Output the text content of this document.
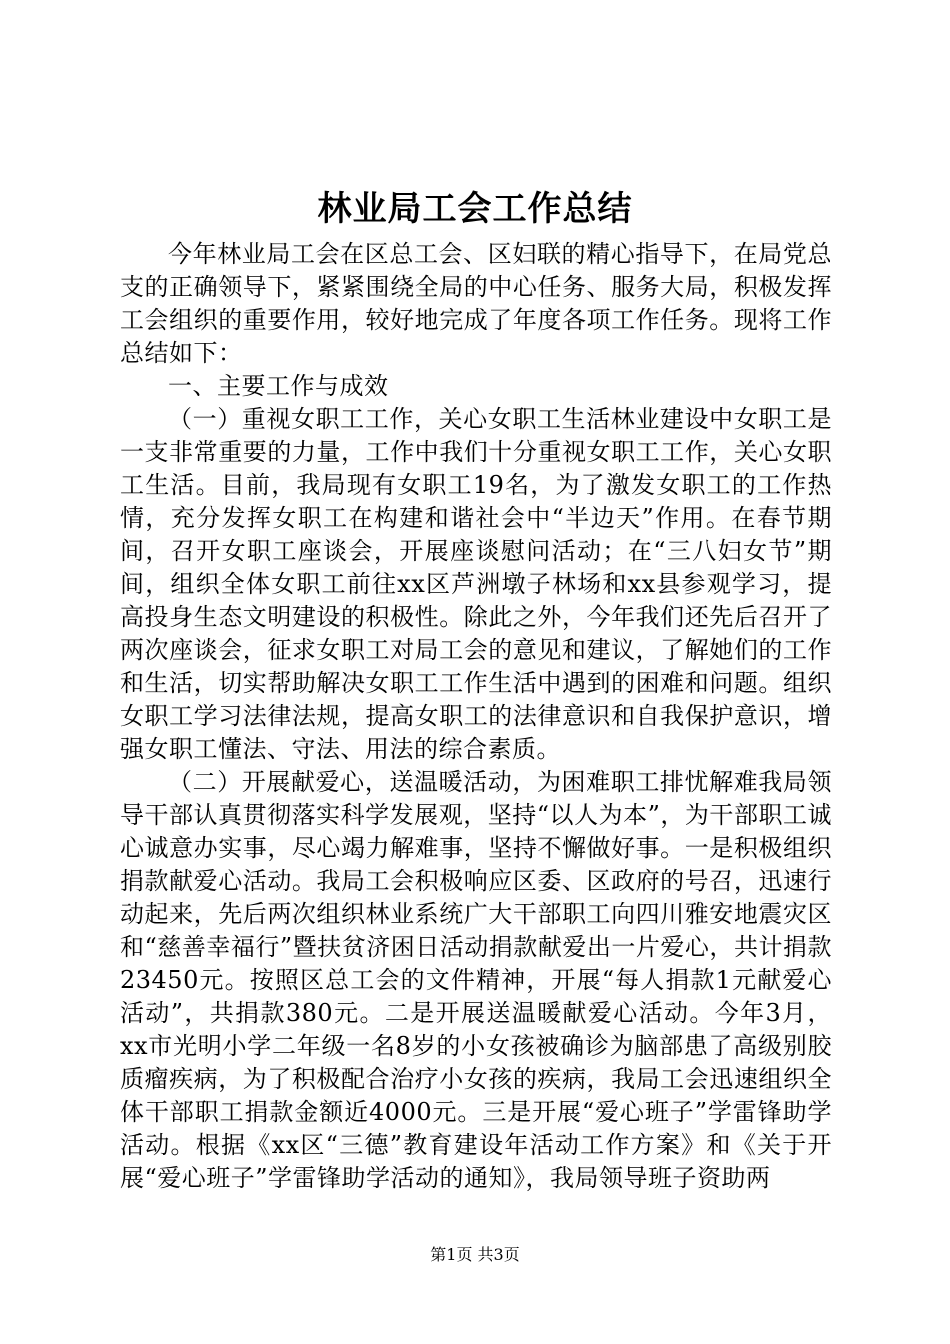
林业局工会工作总结

今年林业局工会在区总工会、区妇联的精心指导下，在局党总支的正确领导下，紧紧围绕全局的中心任务、服务大局，积极发挥工会组织的重要作用，较好地完成了年度各项工作任务。现将工作总结如下：

一、主要工作与成效

（一）重视女职工工作，关心女职工生活林业建设中女职工是一支非常重要的力量，工作中我们十分重视女职工工作，关心女职工生活。目前，我局现有女职工19名，为了激发女职工的工作热情，充分发挥女职工在构建和谐社会中“半边天”作用。在春节期间，召开女职工座谈会，开展座谈慰问活动；在“三八妇女节”期间，组织全体女职工前往xx区芦洲墩子林场和xx县参观学习，提高投身生态文明建设的积极性。除此之外，今年我们还先后召开了两次座谈会，征求女职工对局工会的意见和建议，了解她们的工作和生活，切实帮助解决女职工工作生活中遇到的困难和问题。组织女职工学习法律法规，提高女职工的法律意识和自我保护意识，增强女职工懂法、守法、用法的综合素质。

（二）开展献爱心，送温暖活动，为困难职工排忧解难我局领导干部认真贯彻落实科学发展观，坚持“以人为本”，为干部职工诚心诚意办实事，尽心竭力解难事，坚持不懈做好事。一是积极组织捐款献爱心活动。我局工会积极响应区委、区政府的号召，迅速行动起来，先后两次组织林业系统广大干部职工向四川雅安地震灾区和“慈善幸福行”暨扶贫济困日活动捐款献爱出一片爱心，共计捐款23450元。按照区总工会的文件精神，开展“每人捐款1元献爱心活动”，共捐款380元。二是开展送温暖献爱心活动。今年3月，xx市光明小学二年级一名8岁的小女孩被确诊为脑部患了高级别胶质瘤疾病，为了积极配合治疗小女孩的疾病，我局工会迅速组织全体干部职工捐款金额近4000元。三是开展“爱心班子”学雷锋助学活动。根据《xx区“三德”教育建设年活动工作方案》和《关于开展“爱心班子”学雷锋助学活动的通知》，我局领导班子资助两

第1页 共3页
